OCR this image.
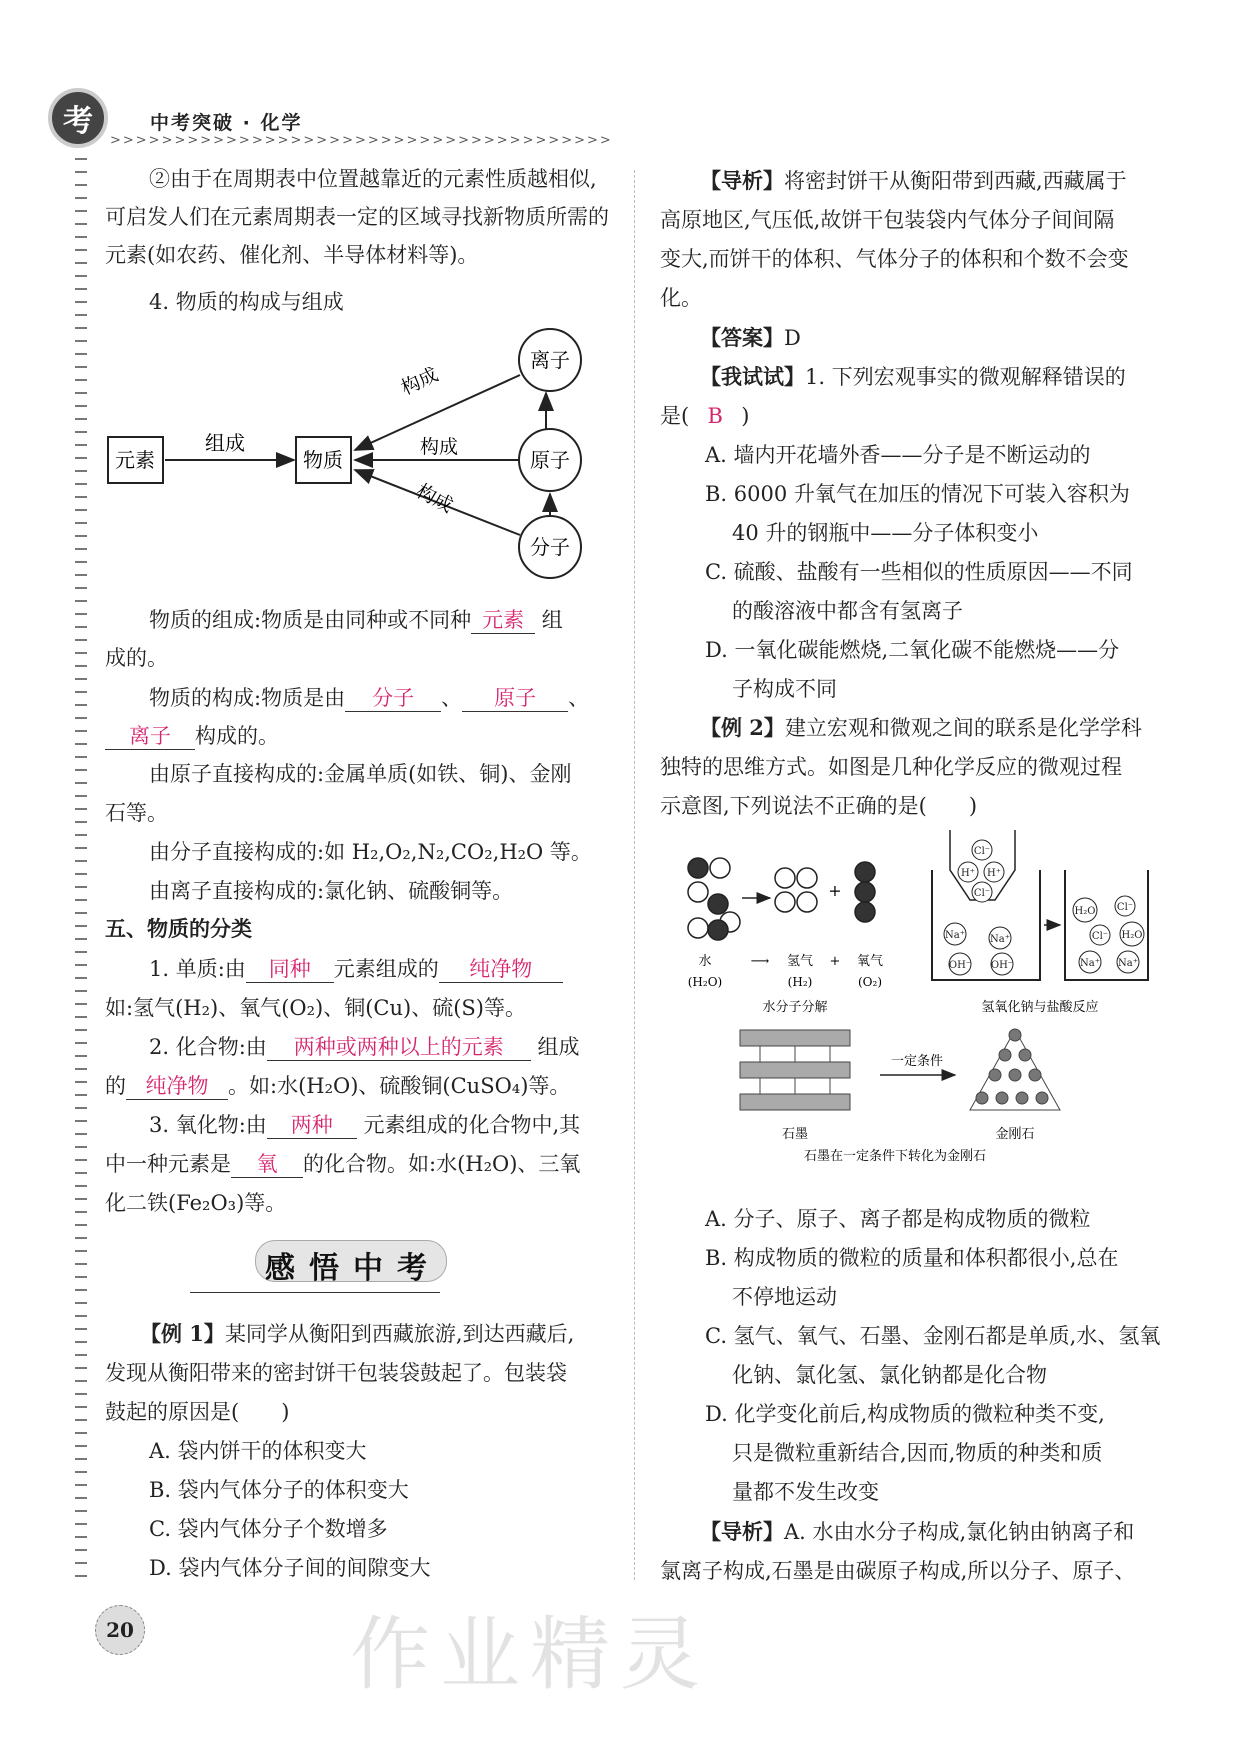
考	中考突破 · 化学
>>>>>>>>>>>>>>>>>>>>>>>>>>>>>>>>>>>>>>>
②由于在周期表中位置越靠近的元素性质越相似,可启发人们在元素周期表一定的区域寻找新物质所需的元素(如农药、催化剂、半导体材料等)。
4. 物质的构成与组成
元素	物质
组成
离子
原子
分子
构成
构成
构成
物质的组成:物质是由同种或不同种 元素 组
成的。
物质的构成:物质是由 分子 、 原子 、
离子 构成的。
由原子直接构成的:金属单质(如铁、铜)、金刚
石等。
由分子直接构成的:如 H₂,O₂,N₂,CO₂,H₂O 等。
由离子直接构成的:氯化钠、硫酸铜等。
五、物质的分类
1. 单质:由 同种 元素组成的 纯净物
如:氢气(H₂)、氧气(O₂)、铜(Cu)、硫(S)等。
2. 化合物:由 两种或两种以上的元素 组成
的 纯净物 。如:水(H₂O)、硫酸铜(CuSO₄)等。
3. 氧化物:由 两种 元素组成的化合物中,其
中一种元素是 氧 的化合物。如:水(H₂O)、三氧
化二铁(Fe₂O₃)等。
感悟中考
【例 1】某同学从衡阳到西藏旅游,到达西藏后,
发现从衡阳带来的密封饼干包装袋鼓起了。包装袋
鼓起的原因是(　　)
A. 袋内饼干的体积变大
B. 袋内气体分子的体积变大
C. 袋内气体分子个数增多
D. 袋内气体分子间的间隙变大
【导析】将密封饼干从衡阳带到西藏,西藏属于
高原地区,气压低,故饼干包装袋内气体分子间间隔
变大,而饼干的体积、气体分子的体积和个数不会变
化。
【答案】D
【我试试】1. 下列宏观事实的微观解释错误的
是( B )
A. 墙内开花墙外香——分子是不断运动的
B. 6000 升氧气在加压的情况下可装入容积为
40 升的钢瓶中——分子体积变小
C. 硫酸、盐酸有一些相似的性质原因——不同
的酸溶液中都含有氢离子
D. 一氧化碳能燃烧,二氧化碳不能燃烧——分
子构成不同
【例 2】建立宏观和微观之间的联系是化学学科
独特的思维方式。如图是几种化学反应的微观过程
示意图,下列说法不正确的是(　　)
+
水	⟶ 氢气 + 氧气
(H₂O)	(H₂)	(O₂)
水分子分解
Cl⁻
H⁺ H⁺
Cl⁻
Na⁺	Na⁺
OH⁻ OH⁻
H₂O Cl⁻
Cl⁻ H₂O
Na⁺ Na⁺
氢氧化钠与盐酸反应
一定条件
石墨	金刚石
石墨在一定条件下转化为金刚石
A. 分子、原子、离子都是构成物质的微粒
B. 构成物质的微粒的质量和体积都很小,总在
不停地运动
C. 氢气、氧气、石墨、金刚石都是单质,水、氢氧
化钠、氯化氢、氯化钠都是化合物
D. 化学变化前后,构成物质的微粒种类不变,
只是微粒重新结合,因而,物质的种类和质
量都不发生改变
【导析】A. 水由水分子构成,氯化钠由钠离子和
氯离子构成,石墨是由碳原子构成,所以分子、原子、
作业精灵
20
